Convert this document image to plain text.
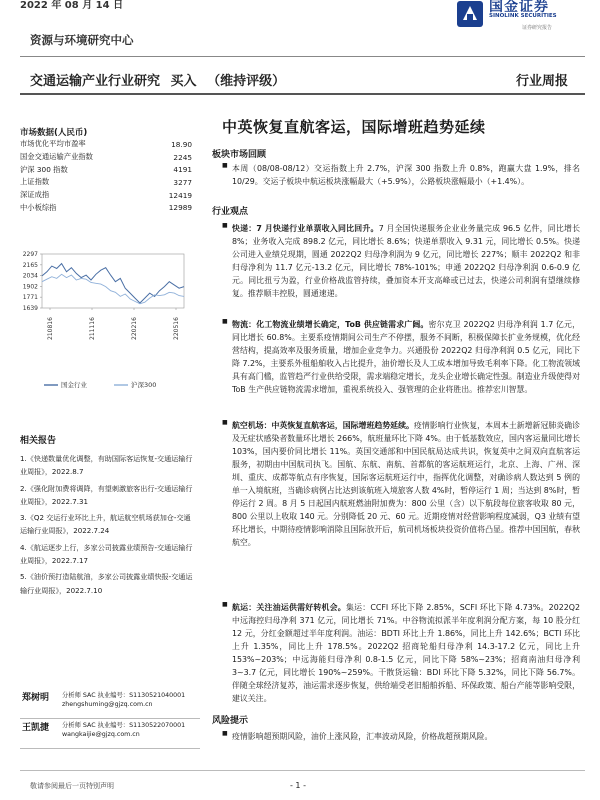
2022 年 08 月 14 日	国金证券
SINOLINK SECURITIES
证券研究报告
资源与环境研究中心
交通运输产业行业研究 买入 （维持评级）	行业周报
市场数据(人民币)
市场优化平均市盈率	18.90
国金交通运输产业指数	2245
沪深 300 指数	4191
上证指数	3277
深证成指	12419
中小板综指	12989
2297
2165
2034
1902
1771
1639
210816	211116	220216	220516
国金行业	沪深300
相关报告
1.《快递数量优化调整，有助国际客运恢复-交通运输行业周报》，2022.8.7
2.《强化附加费将调降，有望刺激旅客出行-交通运输行业周报》，2022.7.31
3.《Q2 交运行业环比上升，航运航空机场获加仓-交通运输行业周报》，2022.7.24
4.《航运逐步上行，多家公司披露业绩预告-交通运输行业周报》，2022.7.17
5.《油价预打造陆航油，多家公司披露业绩快报-交通运输行业周报》，2022.7.10
郑树明 分析师 SAC 执业编号：S1130521040001
zhengshuming@gjzq.com.cn
王凯捷 分析师 SAC 执业编号：S1130522070001
wangkaijie@gjzq.com.cn
中英恢复直航客运，国际增班趋势延续
板块市场回顾
■ 本周（08/08-08/12）交运指数上升 2.7%，沪深 300 指数上升 0.8%，跑赢大盘 1.9%，排名 10/29。交运子板块中航运板块涨幅最大（+5.9%），公路板块涨幅最小（+1.4%）。
行业观点
■ 快递：7 月快递行业单票收入同比回升。7 月全国快递服务企业业务量完成 96.5 亿件，同比增长 8%；业务收入完成 898.2 亿元，同比增长 8.6%；快递单票收入 9.31 元，同比增长 0.5%。快递公司进入业绩兑现期，圆通 2022Q2 归母净利润为 9 亿元，同比增长 227%；顺丰 2022Q2 和非归母净利为 11.7 亿元-13.2 亿元，同比增长 78%-101%；申通 2022Q2 归母净利润 0.6-0.9 亿元。同比扭亏为盈，行业价格战监管持续，叠加资本开支高峰或已过去，快递公司利润有望继续修复。推荐顺丰控股，圆通速递。
■ 物流：化工物流业绩增长确定，ToB 供应链需求广阔。密尔克卫 2022Q2 归母净利润 1.7 亿元，同比增长 60.8%。主要系疫情期间公司生产不停摆，服务不间断，积极保障长扩业务规模，优化经营结构，提高效率及服务质量，增加企业竞争力。兴通股份 2022Q2 归母净利润 0.5 亿元，同比下降 7.2%，主要系外租船舶收入占比提升，油价增长及人工成本增加导致毛利率下降。化工物流领域具有高门槛，监管趋严行业供给受限，需求端稳定增长，龙头企业增长确定性强。制造业升级使得对 ToB 生产供应链物流需求增加，重视系统投入、强管理的企业将胜出。推荐宏川智慧。
■ 航空机场：中英恢复直航客运，国际增班趋势延续。疫情影响行业恢复，本周本土新增新冠肺炎确诊及无症状感染者数量环比增长 266%，航班量环比下降 4%。由于低基数效应，国内客运量同比增长 103%，国内要价同比增长 11%。英国交通部和中国民航局达成共识，恢复英中之间双向直航客运服务，初期由中国航司执飞。国航、东航、南航、首都航的客运航班运行，北京、上海、广州、深圳、重庆、成都等航点有序恢复，国际客运航班运行中，指挥优化调整，对确诊病人数达到 5 例的单一入境航班，当确诊病例占比达到该航班入境旅客人数 4%时，暂停运行 1 周；当达到 8%时，暂停运行 2 周。8 月 5 日起国内航班燃油附加费为：800 公里（含）以下航段每位旅客收取 80 元，800 公里以上收取 140 元。分别降低 20 元、60 元。近期疫情对经营影响程度减弱，Q3 业绩有望环比增长，中期待疫情影响消除且国际放开后，航司机场板块投资价值将凸显。推荐中国国航，春秋航空。
■ 航运：关注油运供需好转机会。集运：CCFI 环比下降 2.85%，SCFI 环比下降 4.73%。2022Q2 中远海控归母净利 371 亿元，同比增长 71%。中谷物流拟派半年度利润分配方案，每 10 股分红 12 元，分红金额超过半年度利润。油运：BDTI 环比上升 1.86%，同比上升 142.6%；BCTI 环比上升 1.35%，同比上升 178.5%。2022Q2 招商轮船归母净利 14.3-17.2 亿元，同比上升 153%~203%；中远海能归母净利 0.8-1.5 亿元，同比下降 58%~23%；招商南油归母净利 3~3.7 亿元，同比增长 190%~259%。干散货运输：BDI 环比下降 5.32%，同比下降 56.7%。伴随全球经济复苏，油运需求逐步恢复，供给端受老旧船舶拆船、环保政策、船台产能等影响受限，建议关注。
风险提示
■ 疫情影响超预期风险，油价上涨风险，汇率波动风险，价格战超预期风险。
敬请参阅最后一页特别声明	- 1 -
